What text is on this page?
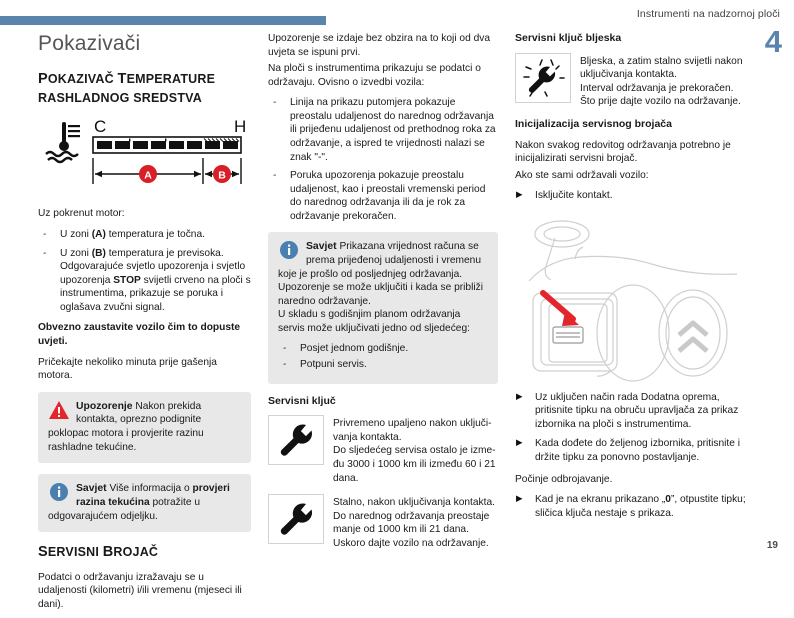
Instrumenti na nadzornoj ploči
4
19
Pokazivači
POKAZIVAČ TEMPERATURE
RASHLADNOG SREDSTVA
C	H
A	B

Uz pokrenut motor:

- U zoni (A) temperatura je točna.
- U zoni (B) temperatura je previsoka. Odgovarajuće svjetlo upozorenja i svjetlo upozorenja STOP svijetli crveno na ploči s instrumentima, prikazuje se poruka i oglašava zvučni signal.

Obvezno zaustavite vozilo čim to dopuste uvjeti.

Pričekajte nekoliko minuta prije gašenja motora.

Upozorenje Nakon prekida kontakta, oprezno podignite poklopac motora i provjerite razinu rashladne tekućine.
Savjet Više informacija o provjeri razina tekućina potražite u odgovarajućem odjeljku.
SERVISNI BROJAČ

Podatci o održavanju izražavaju se u udaljenosti (kilometri) i/ili vremenu (mjeseci ili dani).

Upozorenje se izdaje bez obzira na to koji od dva uvjeta se ispuni prvi.

Na ploči s instrumentima prikazuju se podatci o održavaju. Ovisno o izvedbi vozila:

- Linija na prikazu putomjera pokazuje preostalu udaljenost do narednog održavanja ili prijeđenu udaljenost od prethodnog roka za održavanje, a ispred te vrijednosti nalazi se znak "-".
- Poruka upozorenja pokazuje preostalu udaljenost, kao i preostali vremenski period do narednog održavanja ili da je rok za održavanje prekoračen.
Savjet Prikazana vrijednost računa se prema prijeđenoj udaljenosti i vremenu koje je prošlo od posljednjeg održavanja.

Upozorenje se može uključiti i kada se približi naredno održavanje.

U skladu s godišnjim planom održavanja servis može uključivati jedno od sljedećeg:

- Posjet jednom godišnje.
- Potpuni servis.
Servisni ključ
Privremeno upaljeno nakon uključi-vanja kontakta.
Do sljedećeg servisa ostalo je izme-đu 3000 i 1000 km ili između 60 i 21 dana.
Stalno, nakon uključivanja kontakta.
Do narednog održavanja preostaje manje od 1000 km ili 21 dana.
Uskoro dajte vozilo na održavanje.
Servisni ključ bljeska
Bljeska, a zatim stalno svijetli nakon uključivanja kontakta.
Interval održavanja je prekoračen.
Što prije dajte vozilo na održavanje.
Inicijalizacija servisnog brojača

Nakon svakog redovitog održavanja potrebno je inicijalizirati servisni brojač.

Ako ste sami održavali vozilo:

▶ Isključite kontakt.
▶ Uz uključen način rada Dodatna oprema, pritisnite tipku na obruču upravljača za prikaz izbornika na ploči s instrumentima.
▶ Kada dođete do željenog izbornika, pritisnite i držite tipku za ponovno postavljanje.

Počinje odbrojavanje.

▶ Kad je na ekranu prikazano „0”, otpustite tipku; sličica ključa nestaje s prikaza.
